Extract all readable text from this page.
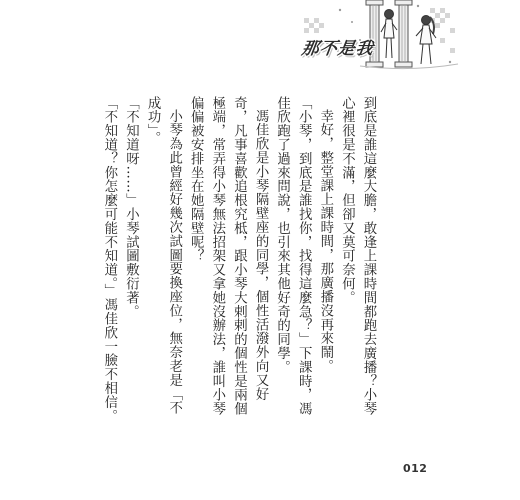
那不是我

到底是誰這麼大膽，敢逢上課時間都跑去廣播？小琴心裡很是不滿，但卻又莫可奈何。

幸好，整堂課上課時間，那廣播沒再來鬧。

「小琴，到底是誰找你，找得這麼急？」下課時，馮佳欣跑了過來問說，也引來其他好奇的同學。

馮佳欣是小琴隔壁座的同學，個性活潑外向又好奇，凡事喜歡追根究柢，跟小琴大剌剌的個性是兩個極端，常弄得小琴無法招架又拿她沒辦法，誰叫小琴偏偏被安排坐在她隔壁呢？

小琴為此曾經好幾次試圖要換座位，無奈老是「不成功」。

「不知道呀……」小琴試圖敷衍著。

「不知道？你怎麼可能不知道。」馮佳欣一臉不相信。

012
